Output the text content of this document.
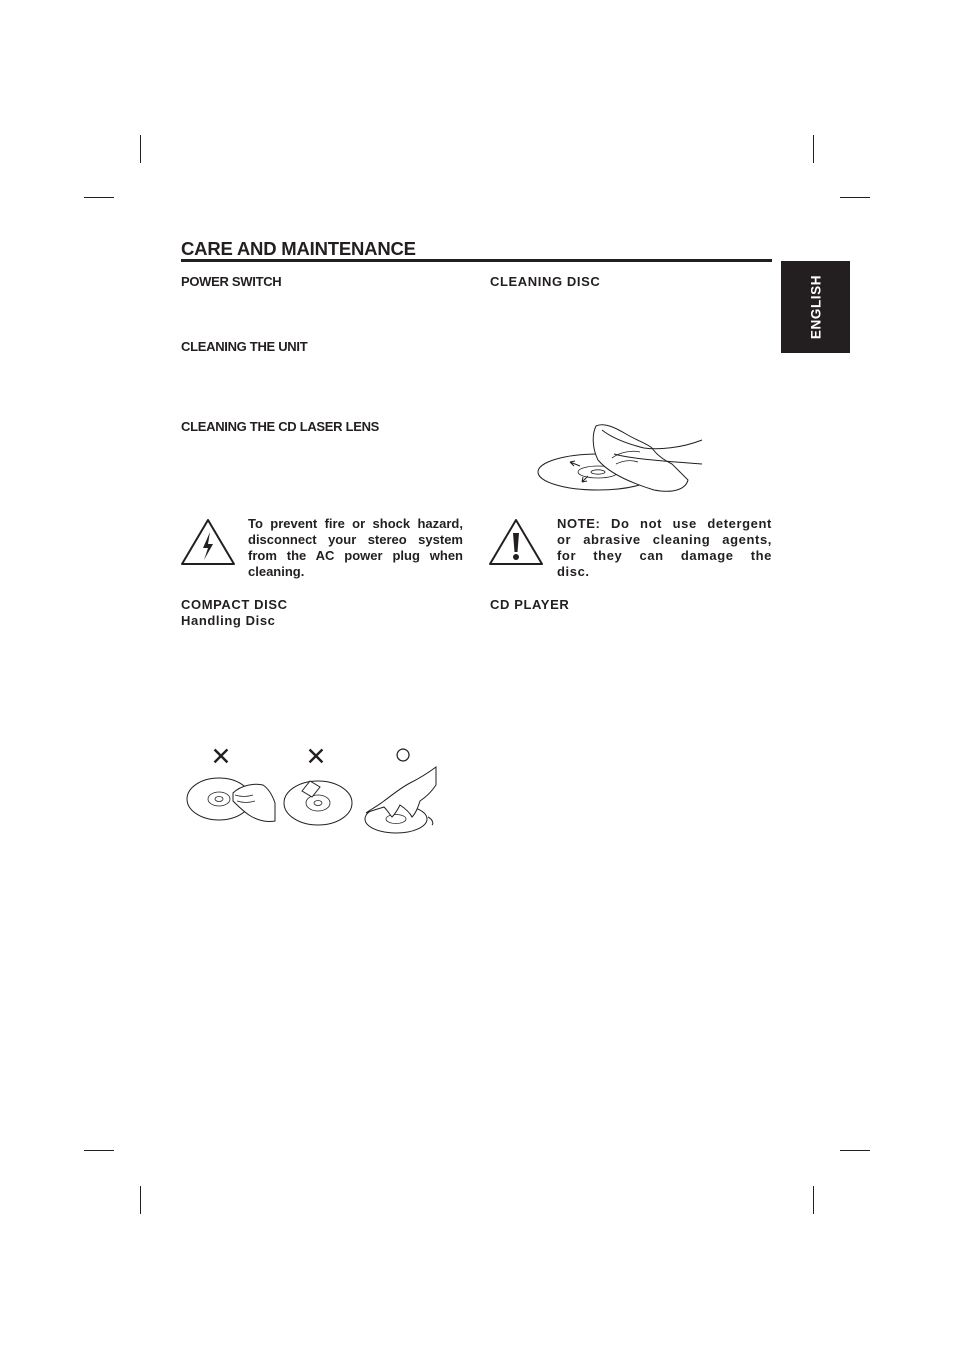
CARE AND MAINTENANCE
ENGLISH
POWER SWITCH
CLEANING THE UNIT
CLEANING THE CD LASER LENS
To prevent fire or shock hazard,
disconnect your stereo system
from the AC power plug when
cleaning.
COMPACT DISC
Handling Disc
✕	✕ ○
CLEANING DISC
NOTE: Do not use detergent
or abrasive cleaning agents,
for they can damage the
disc.
CD PLAYER
